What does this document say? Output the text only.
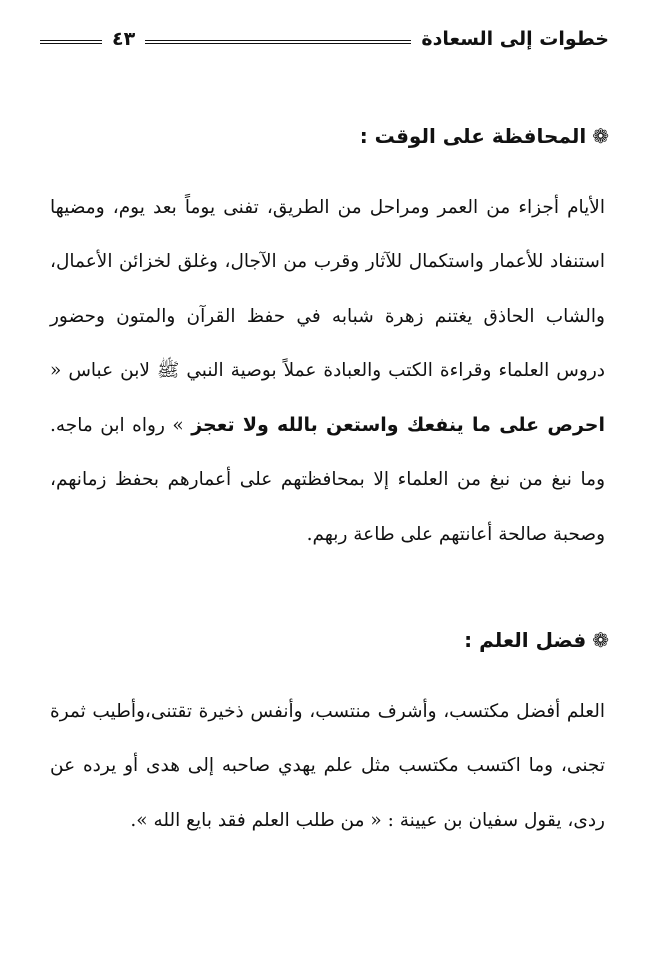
خطوات إلى السعادة
٤٣
❁
المحافظة على الوقت :

الأيام أجزاء من العمر ومراحل من الطريق، تفنى يوماً بعد يوم، ومضيها استنفاد للأعمار واستكمال للآثار وقرب من الآجال، وغلق لخزائن الأعمال، والشاب الحاذق يغتنم زهرة شبابه في حفظ القرآن والمتون وحضور دروس العلماء وقراءة الكتب والعبادة عملاً بوصية النبي ﷺ لابن عباس « احرص على ما ينفعك واستعن بالله ولا تعجز » رواه ابن ماجه. وما نبغ من نبغ من العلماء إلا بمحافظتهم على أعمارهم بحفظ زمانهم، وصحبة صالحة أعانتهم على طاعة ربهم.

❁
فضل العلم :

العلم أفضل مكتسب، وأشرف منتسب، وأنفس ذخيرة تقتنى،وأطيب ثمرة تجنى، وما اكتسب مكتسب مثل علم يهدي صاحبه إلى هدى أو يرده عن ردى، يقول سفيان بن عيينة : « من طلب العلم فقد بايع الله ».
